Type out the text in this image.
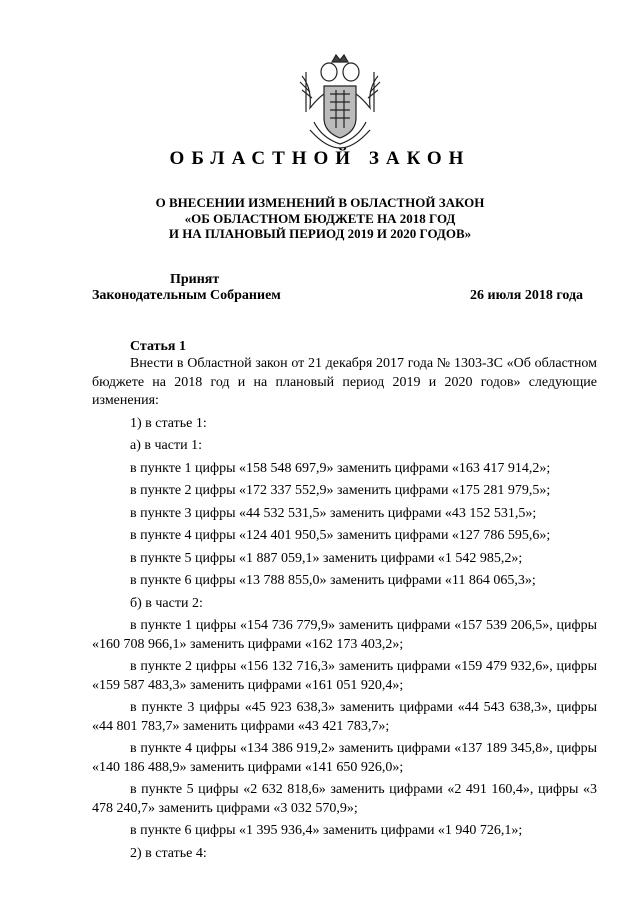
ОБЛАСТНОЙ ЗАКОН
О ВНЕСЕНИИ ИЗМЕНЕНИЙ В ОБЛАСТНОЙ ЗАКОН
«ОБ ОБЛАСТНОМ БЮДЖЕТЕ НА 2018 ГОД
И НА ПЛАНОВЫЙ ПЕРИОД 2019 И 2020 ГОДОВ»
Принят
Законодательным Собранием	26 июля 2018 года
Статья 1

Внести в Областной закон от 21 декабря 2017 года № 1303-ЗС «Об областном бюджете на 2018 год и на плановый период 2019 и 2020 годов» следующие изменения:

1) в статье 1:

а) в части 1:

в пункте 1 цифры «158 548 697,9» заменить цифрами «163 417 914,2»;

в пункте 2 цифры «172 337 552,9» заменить цифрами «175 281 979,5»;

в пункте 3 цифры «44 532 531,5» заменить цифрами «43 152 531,5»;

в пункте 4 цифры «124 401 950,5» заменить цифрами «127 786 595,6»;

в пункте 5 цифры «1 887 059,1» заменить цифрами «1 542 985,2»;

в пункте 6 цифры «13 788 855,0» заменить цифрами «11 864 065,3»;

б) в части 2:

в пункте 1 цифры «154 736 779,9» заменить цифрами «157 539 206,5», цифры «160 708 966,1» заменить цифрами «162 173 403,2»;

в пункте 2 цифры «156 132 716,3» заменить цифрами «159 479 932,6», цифры «159 587 483,3» заменить цифрами «161 051 920,4»;

в пункте 3 цифры «45 923 638,3» заменить цифрами «44 543 638,3», цифры «44 801 783,7» заменить цифрами «43 421 783,7»;

в пункте 4 цифры «134 386 919,2» заменить цифрами «137 189 345,8», цифры «140 186 488,9» заменить цифрами «141 650 926,0»;

в пункте 5 цифры «2 632 818,6» заменить цифрами «2 491 160,4», цифры «3 478 240,7» заменить цифрами «3 032 570,9»;

в пункте 6 цифры «1 395 936,4» заменить цифрами «1 940 726,1»;

2) в статье 4:
